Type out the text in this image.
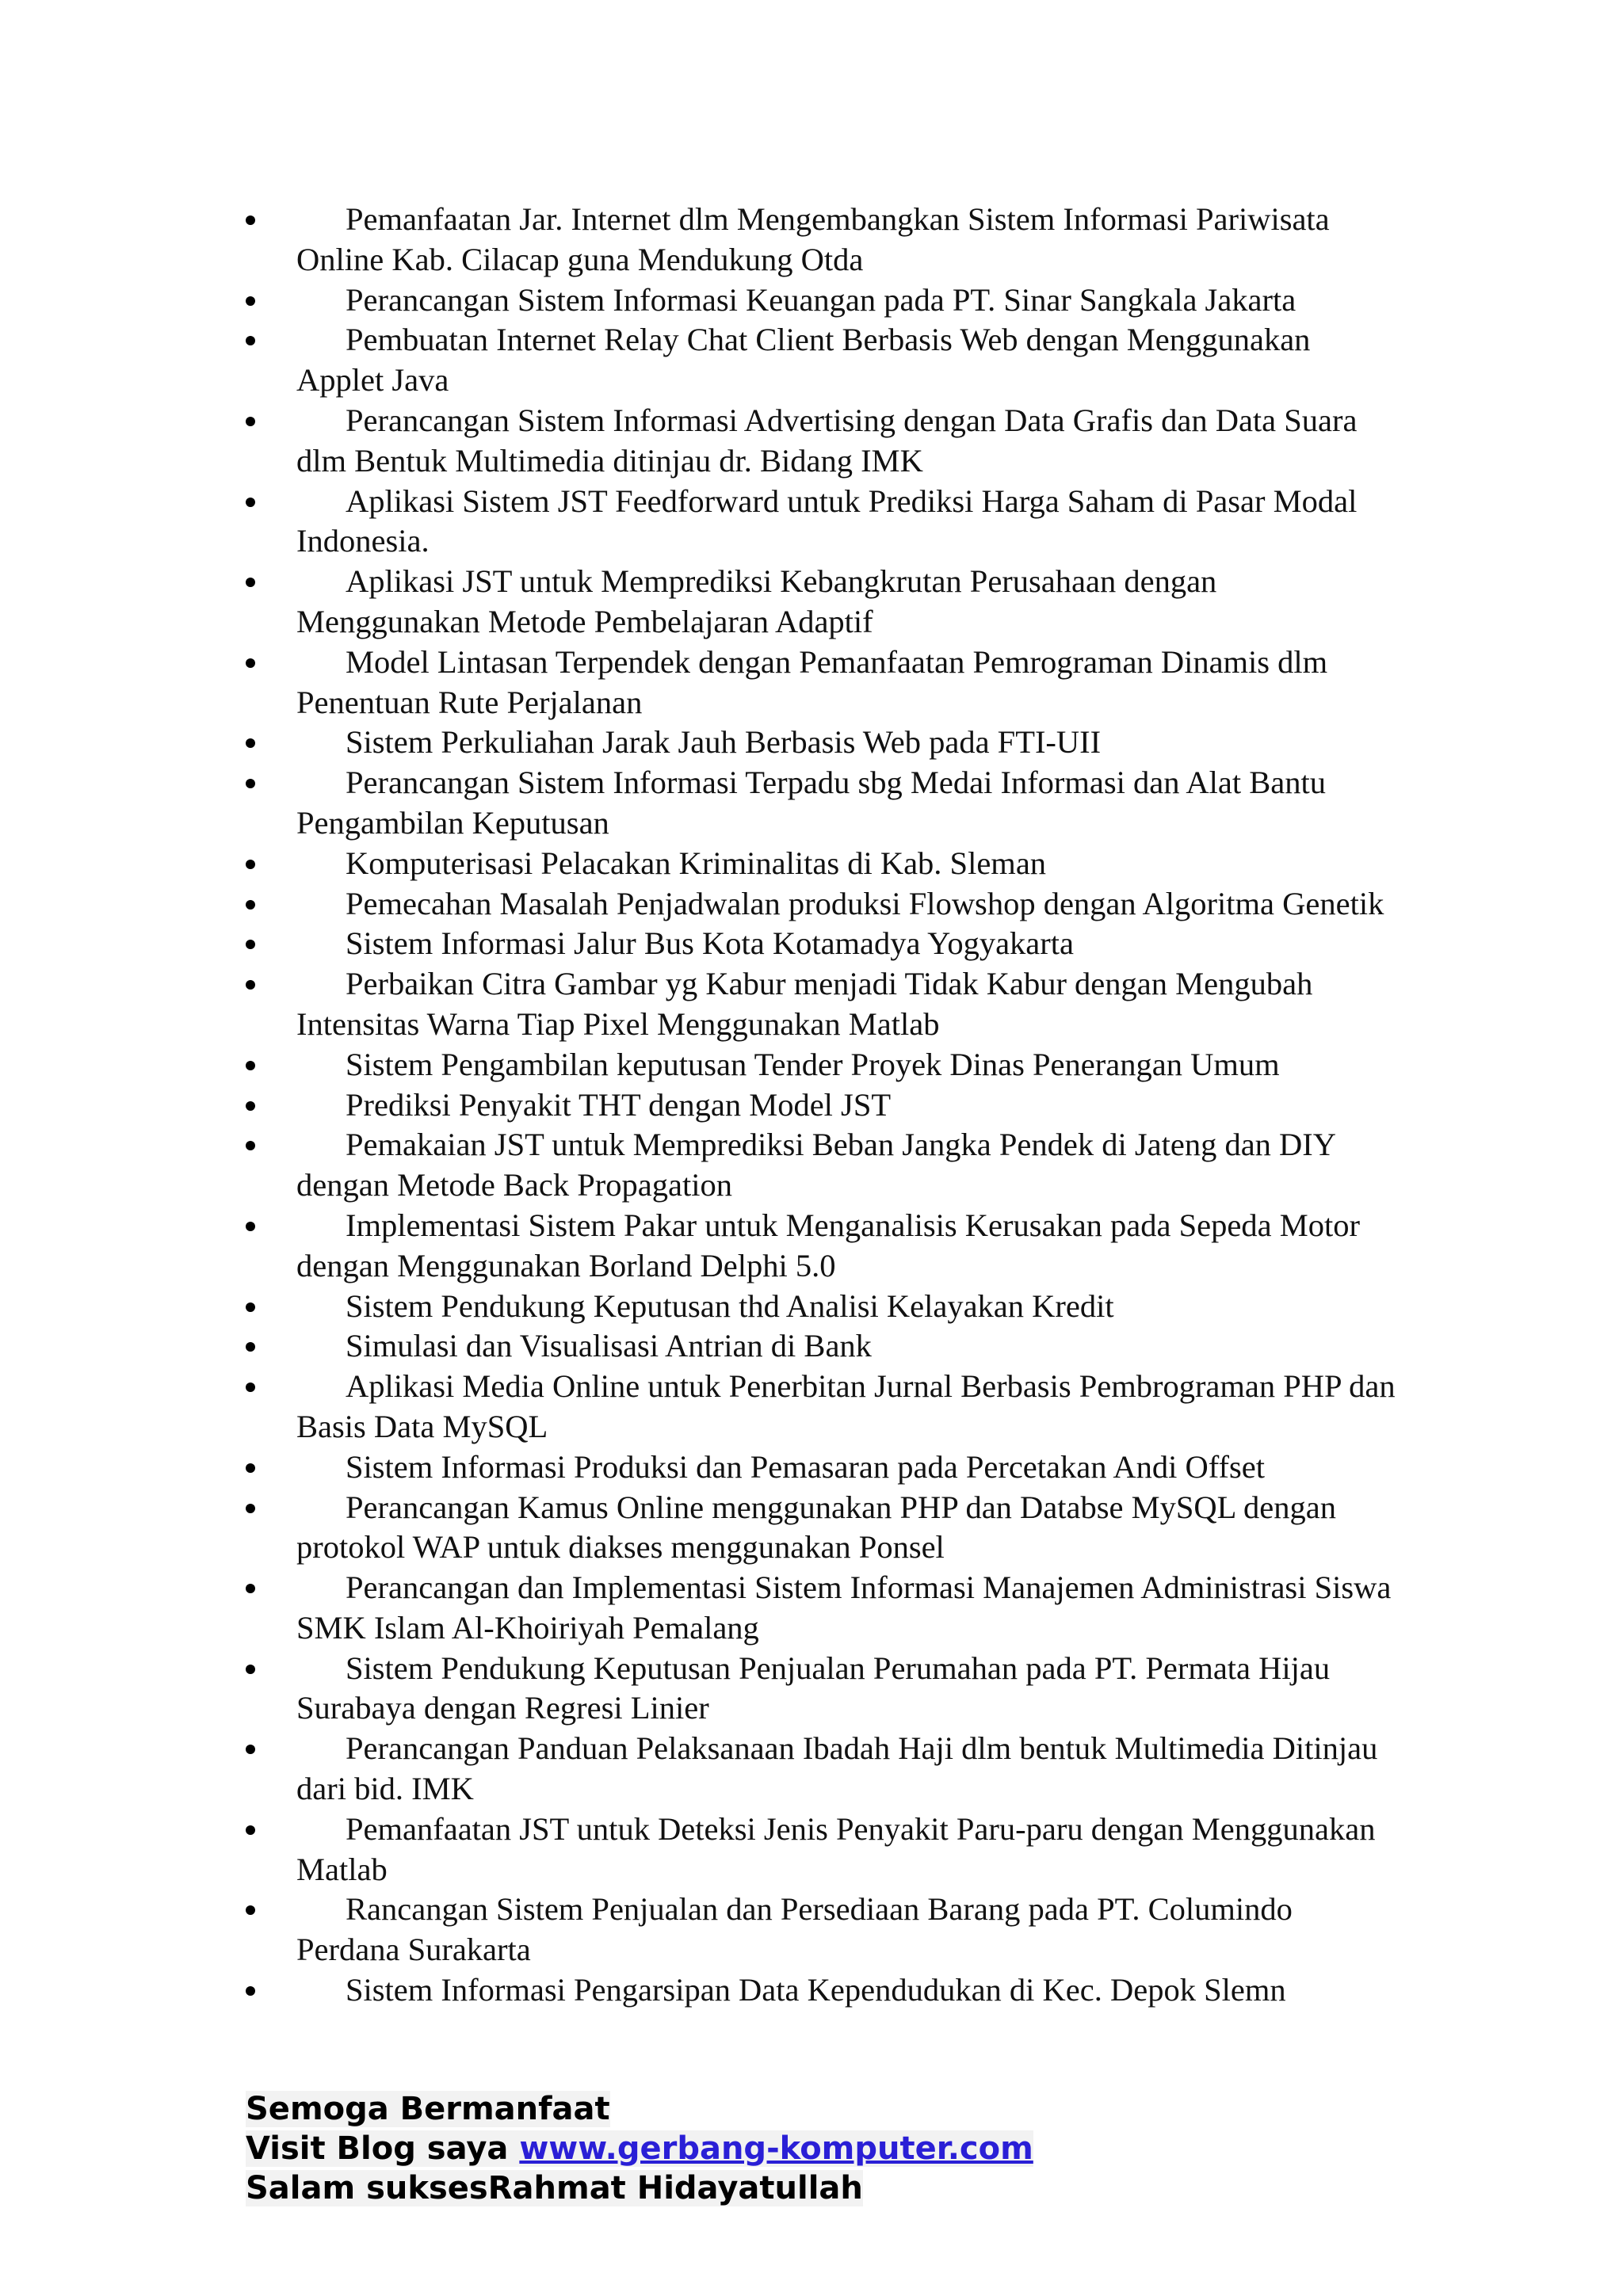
Pemanfaatan Jar. Internet dlm Mengembangkan Sistem Informasi Pariwisata Online Kab. Cilacap guna Mendukung Otda
Perancangan Sistem Informasi Keuangan pada PT. Sinar Sangkala Jakarta
Pembuatan Internet Relay Chat Client Berbasis Web dengan Menggunakan Applet Java
Perancangan Sistem Informasi Advertising dengan Data Grafis dan Data Suara dlm Bentuk Multimedia ditinjau dr. Bidang IMK
Aplikasi Sistem JST Feedforward untuk Prediksi Harga Saham di Pasar Modal Indonesia.
Aplikasi JST untuk Memprediksi Kebangkrutan Perusahaan dengan Menggunakan Metode Pembelajaran Adaptif
Model Lintasan Terpendek dengan Pemanfaatan Pemrograman Dinamis dlm Penentuan Rute Perjalanan
Sistem Perkuliahan Jarak Jauh Berbasis Web pada FTI-UII
Perancangan Sistem Informasi Terpadu sbg Medai Informasi dan Alat Bantu Pengambilan Keputusan
Komputerisasi Pelacakan Kriminalitas di Kab. Sleman
Pemecahan Masalah Penjadwalan produksi Flowshop dengan Algoritma Genetik
Sistem Informasi Jalur Bus Kota Kotamadya Yogyakarta
Perbaikan Citra Gambar yg Kabur menjadi Tidak Kabur dengan Mengubah Intensitas Warna Tiap Pixel Menggunakan Matlab
Sistem Pengambilan keputusan Tender Proyek Dinas Penerangan Umum
Prediksi Penyakit THT dengan Model JST
Pemakaian JST untuk Memprediksi Beban Jangka Pendek di Jateng dan DIY dengan Metode Back Propagation
Implementasi Sistem Pakar untuk Menganalisis Kerusakan pada Sepeda Motor dengan Menggunakan Borland Delphi 5.0
Sistem Pendukung Keputusan thd Analisi Kelayakan Kredit
Simulasi dan Visualisasi Antrian di Bank
Aplikasi Media Online untuk Penerbitan Jurnal Berbasis Pembrograman PHP dan Basis Data MySQL
Sistem Informasi Produksi dan Pemasaran pada Percetakan Andi Offset
Perancangan Kamus Online menggunakan PHP dan Databse MySQL dengan protokol WAP untuk diakses menggunakan Ponsel
Perancangan dan Implementasi Sistem Informasi Manajemen Administrasi Siswa SMK Islam Al-Khoiriyah Pemalang
Sistem Pendukung Keputusan Penjualan Perumahan pada PT. Permata Hijau Surabaya dengan Regresi Linier
Perancangan Panduan Pelaksanaan Ibadah Haji dlm bentuk Multimedia Ditinjau dari bid. IMK
Pemanfaatan JST untuk Deteksi Jenis Penyakit Paru-paru dengan Menggunakan Matlab
Rancangan Sistem Penjualan dan Persediaan Barang pada PT. Columindo Perdana Surakarta
Sistem Informasi Pengarsipan Data Kependudukan di Kec. Depok Slemn
Semoga Bermanfaat
Visit Blog saya www.gerbang-komputer.com
Salam suksesRahmat Hidayatullah
